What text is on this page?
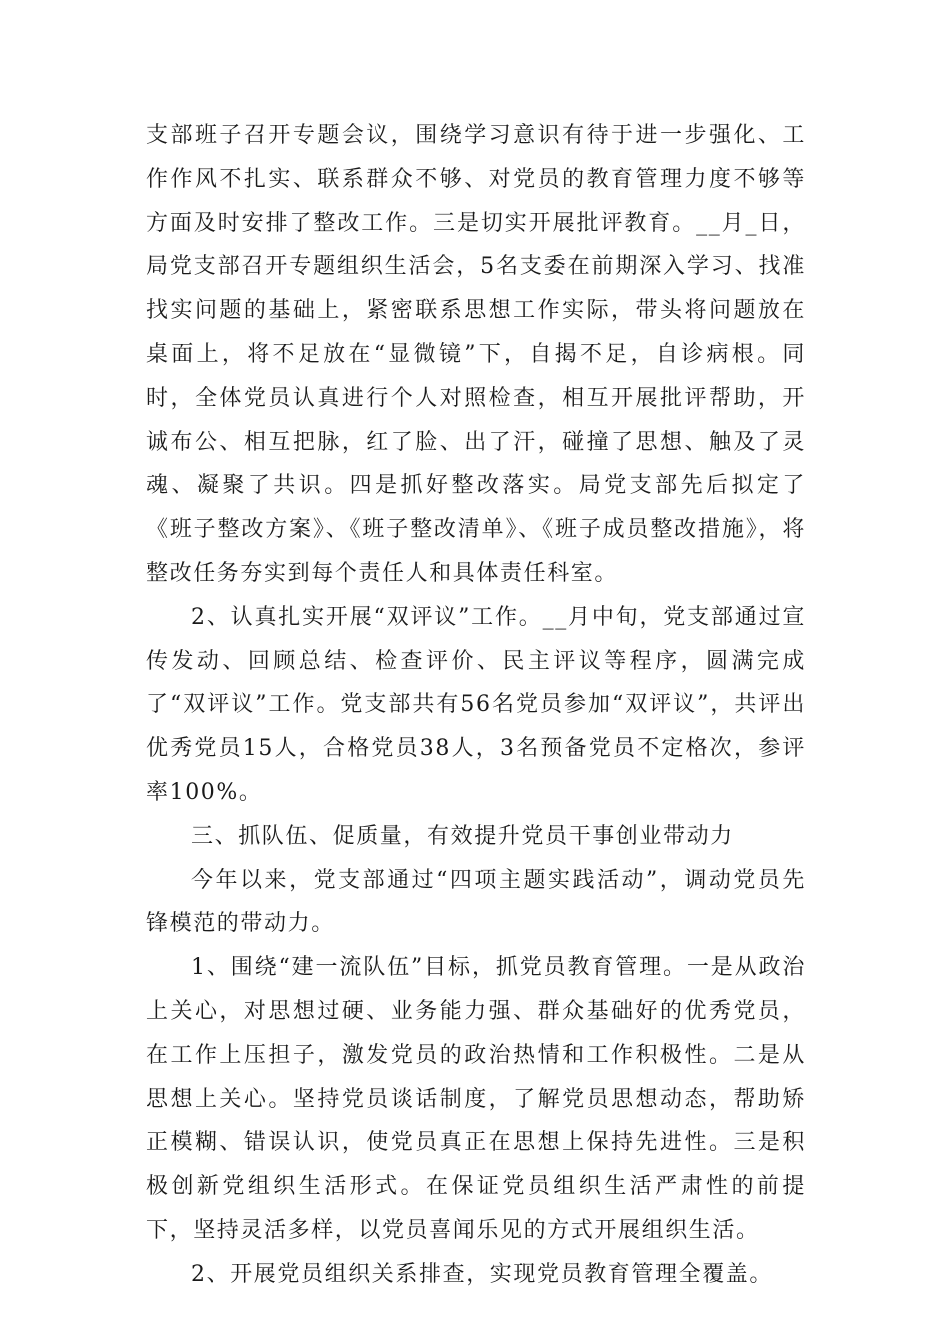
支部班子召开专题会议，围绕学习意识有待于进一步强化、工作作风不扎实、联系群众不够、对党员的教育管理力度不够等方面及时安排了整改工作。三是切实开展批评教育。__月_日，局党支部召开专题组织生活会，5名支委在前期深入学习、找准找实问题的基础上，紧密联系思想工作实际，带头将问题放在桌面上，将不足放在“显微镜”下，自揭不足，自诊病根。同时，全体党员认真进行个人对照检查，相互开展批评帮助，开诚布公、相互把脉，红了脸、出了汗，碰撞了思想、触及了灵魂、凝聚了共识。四是抓好整改落实。局党支部先后拟定了《班子整改方案》、《班子整改清单》、《班子成员整改措施》，将整改任务夯实到每个责任人和具体责任科室。

2、认真扎实开展“双评议”工作。__月中旬，党支部通过宣传发动、回顾总结、检查评价、民主评议等程序，圆满完成了“双评议”工作。党支部共有56名党员参加“双评议”，共评出优秀党员15人，合格党员38人，3名预备党员不定格次，参评率100%。

三、抓队伍、促质量，有效提升党员干事创业带动力

今年以来，党支部通过“四项主题实践活动”，调动党员先锋模范的带动力。

1、围绕“建一流队伍”目标，抓党员教育管理。一是从政治上关心，对思想过硬、业务能力强、群众基础好的优秀党员，在工作上压担子，激发党员的政治热情和工作积极性。二是从思想上关心。坚持党员谈话制度，了解党员思想动态，帮助矫正模糊、错误认识，使党员真正在思想上保持先进性。三是积极创新党组织生活形式。在保证党员组织生活严肃性的前提下，坚持灵活多样，以党员喜闻乐见的方式开展组织生活。

2、开展党员组织关系排查，实现党员教育管理全覆盖。
